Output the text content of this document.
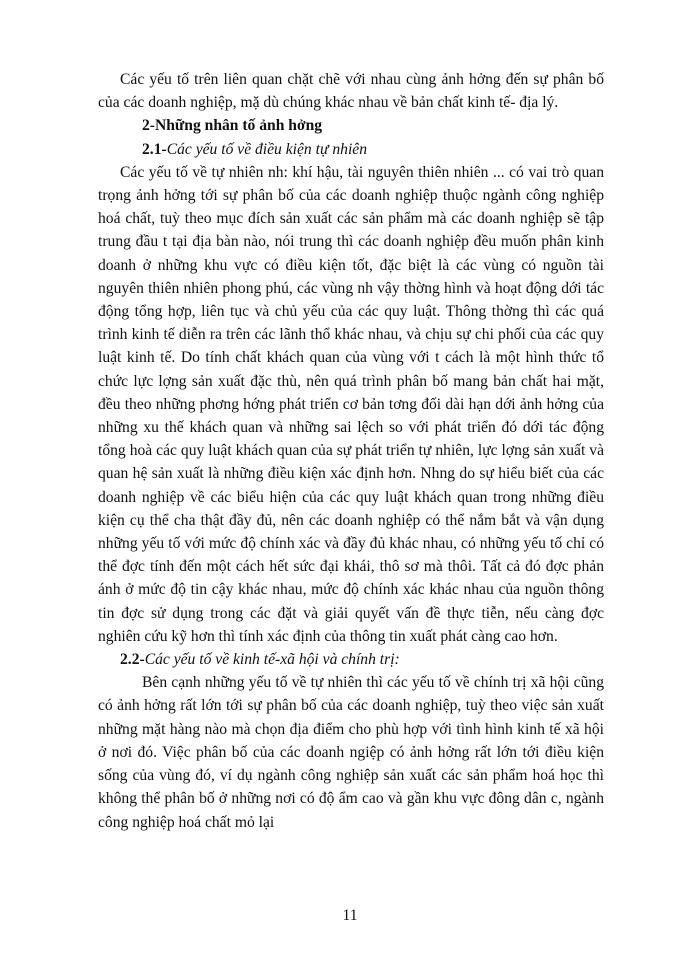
Các yếu tố trên liên quan chặt chẽ với nhau cùng ảnh hởng đến sự phân bố của các doanh nghiệp, mặ dù chúng khác nhau về bản chất kinh tế- địa lý.

2-Những nhân tố ảnh hởng

2.1-Các yếu tố về điều kiện tự nhiên

Các yếu tố về tự nhiên nh: khí hậu, tài nguyên thiên nhiên ... có vai trò quan trọng ảnh hởng tới sự phân bố của các doanh nghiệp thuộc ngành công nghiệp hoá chất, tuỳ theo mục đích sản xuất các sản phẩm mà các doanh nghiệp sẽ tập trung đầu t tại địa bàn nào, nói trung thì các doanh nghiệp đều muốn phân kinh doanh ở những khu vực có điều kiện tốt, đặc biệt là các vùng có nguồn tài nguyên thiên nhiên phong phú, các vùng nh vậy thờng hình và hoạt động dới tác động tổng hợp, liên tục và chủ yếu của các quy luật. Thông thờng thì các quá trình kinh tế diễn ra trên các lãnh thổ khác nhau, và chịu sự chi phối của các quy luật kinh tế. Do tính chất khách quan của vùng với t cách là một hình thức tổ chức lực lợng sản xuất đặc thù, nên quá trình phân bố mang bản chất hai mặt, đều theo những phơng hớng phát triển cơ bản tơng đối dài hạn dới ảnh hởng của những xu thế khách quan và những sai lệch so với phát triển đó dới tác động tổng hoà các quy luật khách quan của sự phát triển tự nhiên, lực lợng sản xuất và quan hệ sản xuất là những điều kiện xác định hơn. Nhng do sự hiểu biết của các doanh nghiệp về các biểu hiện của các quy luật khách quan trong những điều kiện cụ thể cha thật đầy đủ, nên các doanh nghiệp có thể nắm bắt và vận dụng những yếu tố với mức độ chính xác và đầy đủ khác nhau, có những yếu tố chỉ có thể đợc tính đến một cách hết sức đại khái, thô sơ mà thôi. Tất cả đó đợc phản ánh ở mức độ tin cậy khác nhau, mức độ chính xác khác nhau của nguồn thông tin đợc sử dụng trong các đặt và giải quyết vấn đề thực tiễn, nếu càng đợc nghiên cứu kỹ hơn thì tính xác định của thông tin xuất phát càng cao hơn.

2.2-Các yếu tố về kinh tế-xã hội và chính trị:

Bên cạnh những yếu tố về tự nhiên thì các yếu tố về chính trị xã hội cũng có ảnh hởng rất lớn tới sự phân bố của các doanh nghiệp, tuỳ theo việc sản xuất những mặt hàng nào mà chọn địa điểm cho phù hợp với tình hình kinh tế xã hội ở nơi đó. Việc phân bố của các doanh ngiệp có ảnh hởng rất lớn tới điều kiện sống của vùng đó, ví dụ ngành công nghiệp sản xuất các sản phẩm hoá học thì không thể phân bố ở những nơi có độ ẩm cao và gần khu vực đông dân c, ngành công nghiệp hoá chất mỏ lại

11
